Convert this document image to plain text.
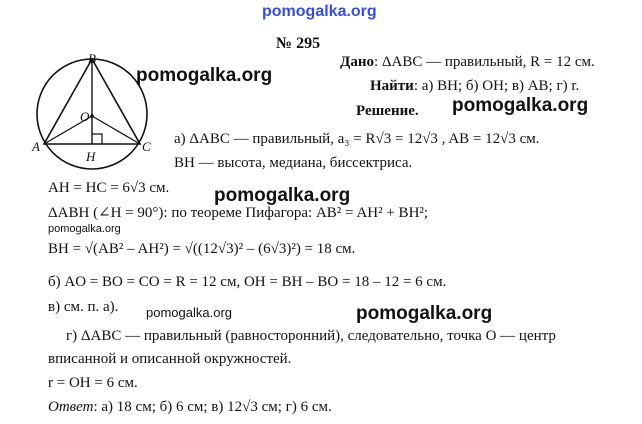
pomogalka.org
№ 295
B
O
A
H
C
Дано: ΔABC — правильный, R = 12 см.
Найти: а) BH; б) OH; в) AB; г) r.
pomogalka.org
Решение. pomogalka.org
а) ΔABC — правильный, a₃ = R√3 = 12√3 , AB = 12√3 см.
BH — высота, медиана, биссектриса.
AH = HC = 6√3 см. pomogalka.org
ΔABH (∠H = 90°): по теореме Пифагора: AB² = AH² + BH²;
pomogalka.org
BH = √(AB² – AH²) = √((12√3)² – (6√3)²) = 18 см.
б) AO = BO = CO = R = 12 см, OH = BH – BO = 18 – 12 = 6 см.
в) см. п. а). pomogalka.org	pomogalka.org
г) ΔABC — правильный (равносторонний), следовательно, точка O — центр
вписанной и описанной окружностей.
r = OH = 6 см.
Ответ: а) 18 см; б) 6 см; в) 12√3 см; г) 6 см.
